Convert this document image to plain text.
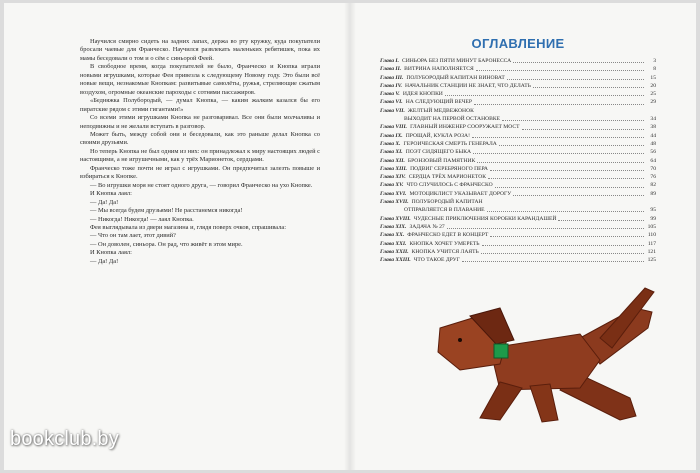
Научился смирно сидеть на задних лапах, держа во рту кружку, куда покупатели бросали чаевые для Франческо. Научился развлекать маленьких ребятишек, пока их мамы беседовали о том и о сём с синьорой Феей.

В свободное время, когда покупателей не было, Франческо и Кнопка играли новыми игрушками, которые Фея привезла к следующему Новому году. Это были всё новые вещи, незнакомые Кнопкам: развитывые самолёты, ружья, стреляющие сжатым воздухом, огромные океанские пароходы с сотнями пассажиров.

«Бедняжка Полубородый, — думал Кнопка, — каким жалким казался бы его пиратские рядом с этими гигантами!»

Со всеми этими игрушками Кнопка не разговаривал. Все они были молчаливы и неподвижны и не желали вступать в разговор.

Может быть, между собой они и беседовали, как это раньше делал Кнопка со своими друзьями.

Но теперь Кнопка не был одним из них: он принадлежал к миру настоящих людей с настоящими, а не игрушечными, как у трёх Марионеток, сердцами.

Франческо тоже почти не играл с игрушками. Он предпочитал залезть повыше и взбираться к Кнопке.

— Во игрушки моря не стоят одного друга, — говорил Франческо на ухо Кнопке.

И Кнопка лаял:

— Да! Да!

— Мы всегда будем друзьями! Не расстанемся никогда!

— Никогда! Никогда! — лаял Кнопка.

Фея выглядывала из двери магазина и, глядя поверх очков, спрашивала:

— Что он там лает, этот дивий?

— Он доволен, синьора. Он рад, что живёт в этом мире.

И Кнопка лаял:

— Да! Да!

ОГЛАВЛЕНИЕ
Глава I. СИНЬОРА БЕЗ ПЯТИ МИНУТ БАРОНЕССА	3
Глава II. ВИТРИНА НАПОЛНЯЕТСЯ	8
Глава III. ПОЛУБОРОДЫЙ КАПИТАН ВИНОВАТ	15
Глава IV. НАЧАЛЬНИК СТАНЦИИ НЕ ЗНАЕТ, ЧТО ДЕЛАТЬ	20
Глава V. ИДЕЯ КНОПКИ	25
Глава VI. НА СЛЕДУЮЩИЙ ВЕЧЕР	29
Глава VII. ЖЕЛТЫЙ МЕДВЕЖОНОК
ВЫХОДИТ НА ПЕРВОЙ ОСТАНОВКЕ	34
Глава VIII. ГЛАВНЫЙ ИНЖЕНЕР СООРУЖАЕТ МОСТ	38
Глава IX. ПРОЩАЙ, КУКЛА РОЗА!	44
Глава X. ГЕРОИЧЕСКАЯ СМЕРТЬ ГЕНЕРАЛА	48
Глава XI. ПОЭТ СИДЯЩЕГО БЫКА	56
Глава XII. БРОНЗОВЫЙ ПАМЯТНИК	64
Глава XIII. ПОДВИГ СЕРЕБРЯНОГО ПЕРА	70
Глава XIV. СЕРДЦА ТРЁХ МАРИОНЕТОК	76
Глава XV. ЧТО СЛУЧИЛОСЬ С ФРАНЧЕСКО	82
Глава XVI. МОТОЦИКЛИСТ УКАЗЫВАЕТ ДОРОГУ	89
Глава XVII. ПОЛУБОРОДЫЙ КАПИТАН
ОТПРАВЛЯЕТСЯ В ПЛАВАНИЕ	95
Глава XVIII. ЧУДЕСНЫЕ ПРИКЛЮЧЕНИЯ КОРОБКИ КАРАНДАШЕЙ	99
Глава XIX. ЗАДАЧА № 27	105
Глава XX. ФРАНЧЕСКО ЕДЕТ В КОНЦЕРТ	110
Глава XXI. КНОПКА ХОЧЕТ УМЕРЕТЬ	117
Глава XXII. КНОПКА УЧИТСЯ ЛАЯТЬ	121
Глава XXIII. ЧТО ТАКОЕ ДРУГ	125
bookclub.by
